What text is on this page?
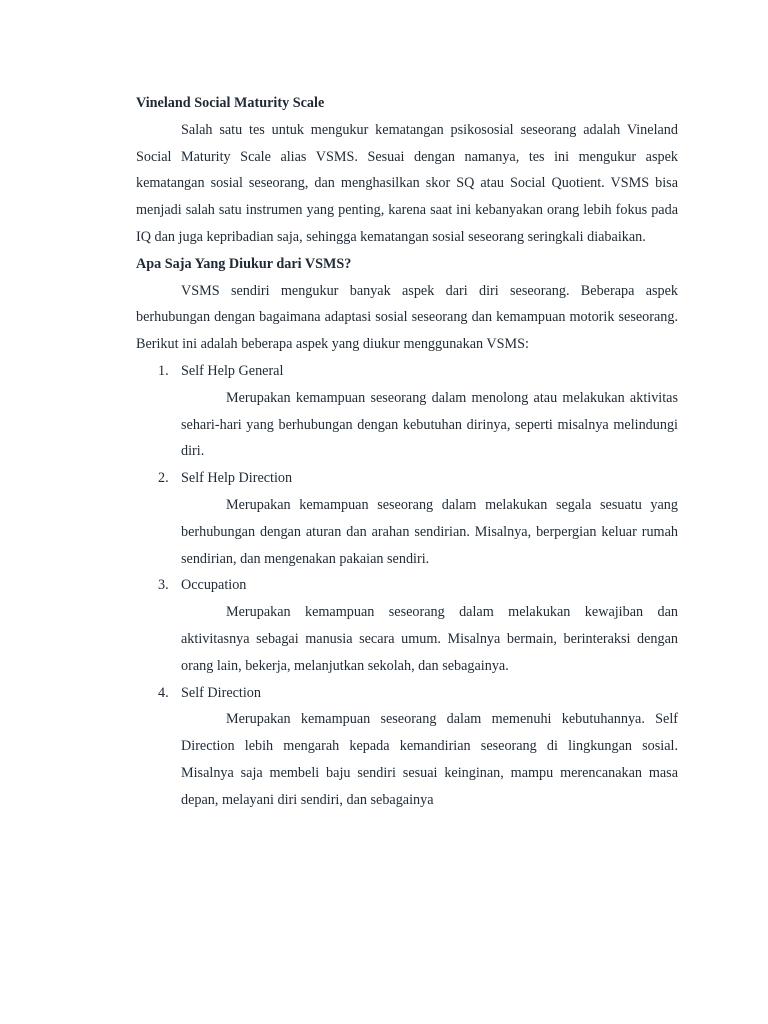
Vineland Social Maturity Scale

Salah satu tes untuk mengukur kematangan psikososial seseorang adalah Vineland Social Maturity Scale alias VSMS. Sesuai dengan namanya, tes ini mengukur aspek kematangan sosial seseorang, dan menghasilkan skor SQ atau Social Quotient. VSMS bisa menjadi salah satu instrumen yang penting, karena saat ini kebanyakan orang lebih fokus pada IQ dan juga kepribadian saja, sehingga kematangan sosial seseorang seringkali diabaikan.

Apa Saja Yang Diukur dari VSMS?

VSMS sendiri mengukur banyak aspek dari diri seseorang. Beberapa aspek berhubungan dengan bagaimana adaptasi sosial seseorang dan kemampuan motorik seseorang. Berikut ini adalah beberapa aspek yang diukur menggunakan VSMS:

1. Self Help General

Merupakan kemampuan seseorang dalam menolong atau melakukan aktivitas sehari-hari yang berhubungan dengan kebutuhan dirinya, seperti misalnya melindungi diri.

2. Self Help Direction

Merupakan kemampuan seseorang dalam melakukan segala sesuatu yang berhubungan dengan aturan dan arahan sendirian. Misalnya, berpergian keluar rumah sendirian, dan mengenakan pakaian sendiri.

3. Occupation

Merupakan kemampuan seseorang dalam melakukan kewajiban dan aktivitasnya sebagai manusia secara umum. Misalnya bermain, berinteraksi dengan orang lain, bekerja, melanjutkan sekolah, dan sebagainya.

4. Self Direction

Merupakan kemampuan seseorang dalam memenuhi kebutuhannya. Self Direction lebih mengarah kepada kemandirian seseorang di lingkungan sosial. Misalnya saja membeli baju sendiri sesuai keinginan, mampu merencanakan masa depan, melayani diri sendiri, dan sebagainya
